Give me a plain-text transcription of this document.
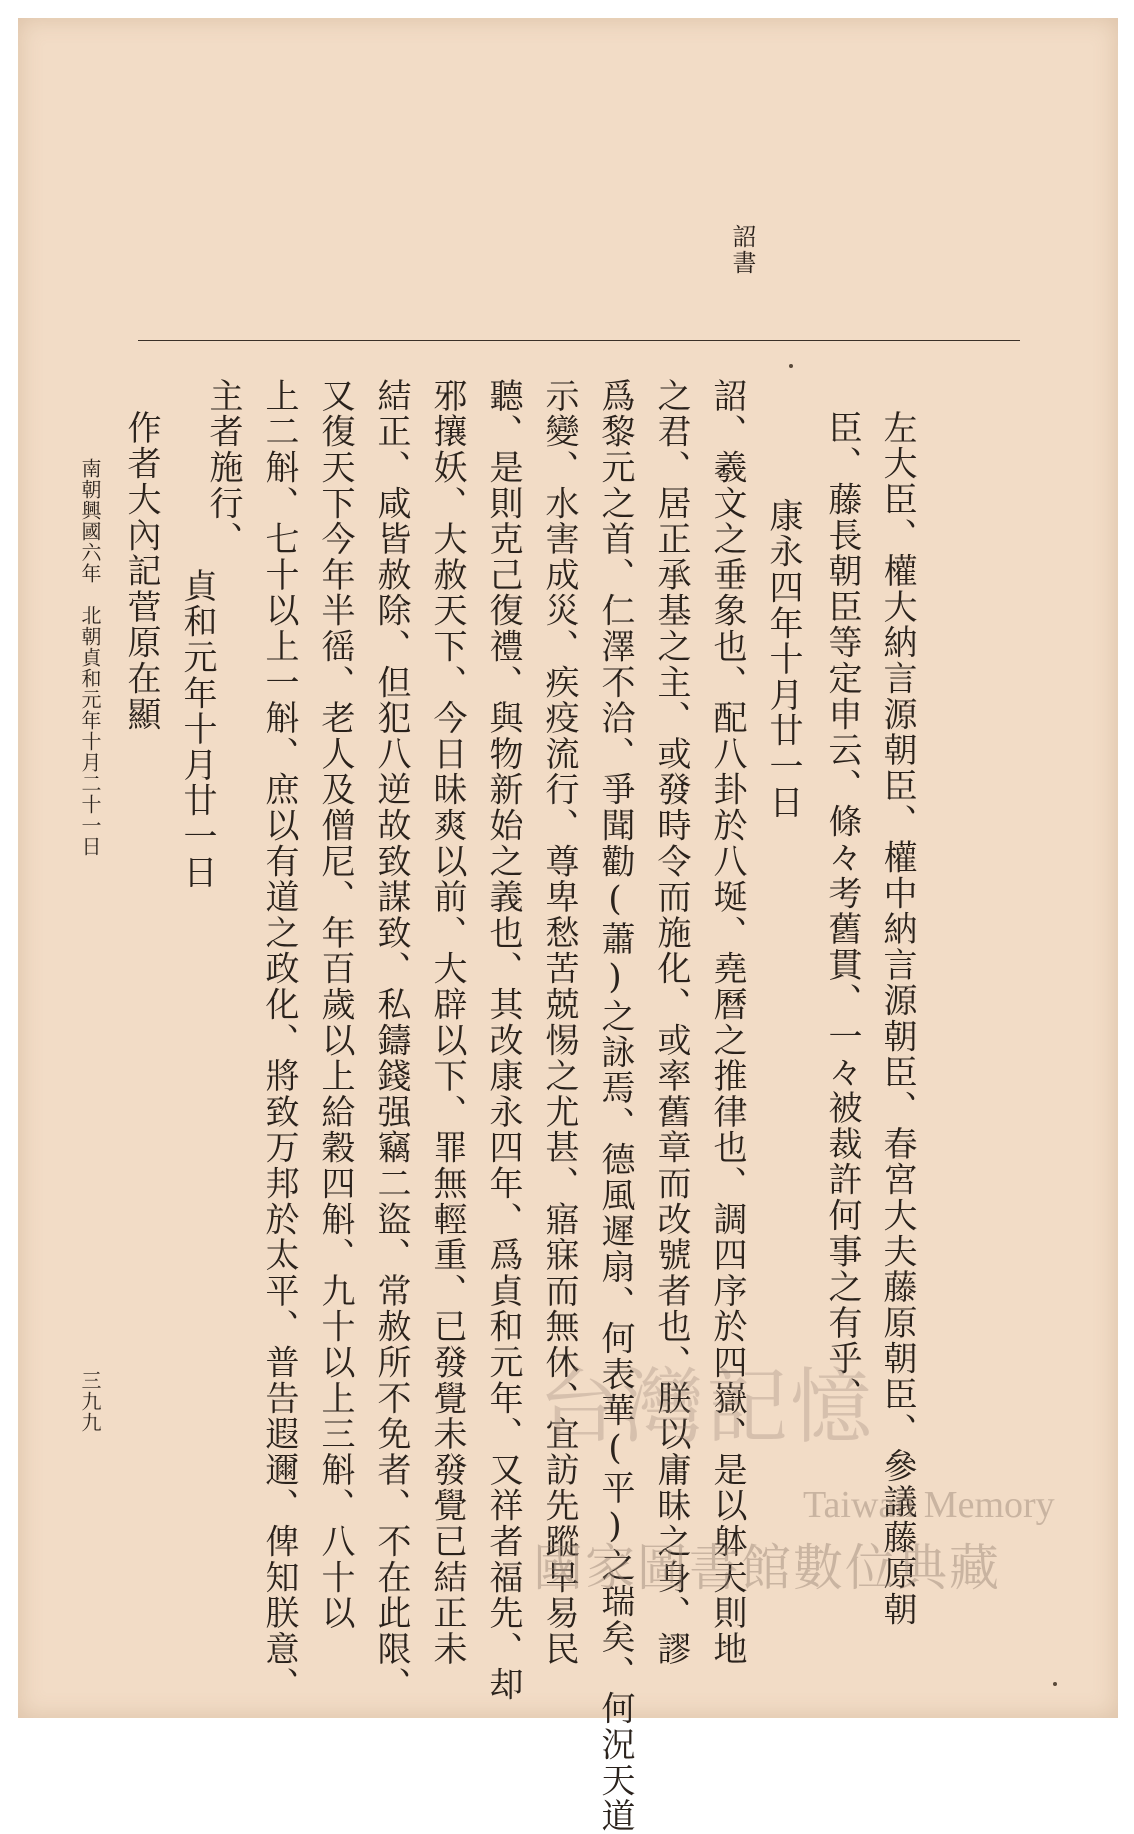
詔書
左大臣、權大納言源朝臣、權中納言源朝臣、春宮大夫藤原朝臣、參議藤原朝
臣、藤長朝臣等定申云、條々考舊貫、一々被裁許何事之有乎、
康永四年十月廿一日
詔、羲文之垂象也、配八卦於八埏、堯曆之推律也、調四序於四嶽、是以躰天則地
之君、居正承基之主、或發時令而施化、或率舊章而改號者也、朕以庸昧之身、謬
爲黎元之首、仁澤不洽、爭聞勸(蕭)之詠焉、德風遲扇、何表華(平)之瑞矣、何況天道
示變、水害成災、疾疫流行、尊卑愁苦兢惕之尤甚、寤寐而無休、宜訪先蹤早易民
聽、是則克己復禮、與物新始之義也、其改康永四年、爲貞和元年、又祥者福先、却
邪攘妖、大赦天下、今日昧爽以前、大辟以下、罪無輕重、已發覺未發覺已結正未
結正、咸皆赦除、但犯八逆故致謀致、私鑄錢强竊二盜、常赦所不免者、不在此限、
又復天下今年半徭、老人及僧尼、年百歲以上給穀四斛、九十以上三斛、八十以
上二斛、七十以上一斛、庶以有道之政化、將致万邦於太平、普告遐邇、俾知朕意、
主者施行、
貞和元年十月廿一日
作者大內記菅原在顯
南朝興國六年　北朝貞和元年十月二十一日
三九九	台灣記憶
Taiwan Memory
國家圖書館數位典藏
